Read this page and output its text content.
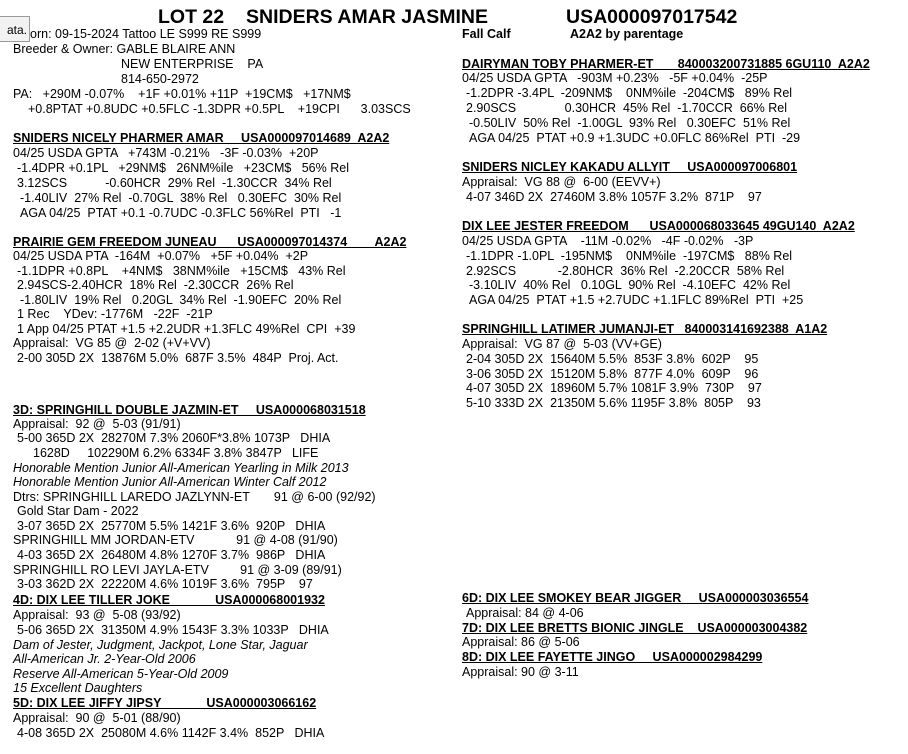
ata.
LOT 22 SNIDERS AMAR JASMINE	USA000097017542
Fall Calf	A2A2 by parentage
orn: 09-15-2024 Tattoo LE S999 RE S999
Breeder & Owner: GABLE BLAIRE ANN
NEW ENTERPRISE    PA
814-650-2972
PA:   +290M -0.07%    +1F +0.01% +11P  +19CM$   +17NM$
+0.8PTAT +0.8UDC +0.5FLC -1.3DPR +0.5PL    +19CPI      3.03SCS
SNIDERS NICELY PHARMER AMAR     USA000097014689  A2A2
04/25 USDA GPTA   +743M -0.21%   -3F -0.03%  +20P
-1.4DPR +0.1PL   +29NM$   26NM%ile   +23CM$   56% Rel
3.12SCS           -0.60HCR  29% Rel  -1.30CCR  34% Rel
-1.40LIV  27% Rel  -0.70GL  38% Rel   0.30EFC  30% Rel
AGA 04/25  PTAT +0.1 -0.7UDC -0.3FLC 56%Rel  PTI   -1
PRAIRIE GEM FREEDOM JUNEAU      USA000097014374        A2A2
04/25 USDA PTA  -164M  +0.07%   +5F +0.04%  +2P
-1.1DPR +0.8PL    +4NM$   38NM%ile   +15CM$   43% Rel
2.94SCS-2.40HCR  18% Rel  -2.30CCR  26% Rel
-1.80LIV  19% Rel   0.20GL  34% Rel  -1.90EFC  20% Rel
1 Rec    YDev: -1776M   -22F  -21P
1 App 04/25 PTAT +1.5 +2.2UDR +1.3FLC 49%Rel  CPI  +39
Appraisal:  VG 85 @  2-02 (+V+VV)
2-00 305D 2X  13876M 5.0%  687F 3.5%  484P  Proj. Act.
3D: SPRINGHILL DOUBLE JAZMIN-ET     USA000068031518
Appraisal:  92 @  5-03 (91/91)
5-00 365D 2X  28270M 7.3% 2060F*3.8% 1073P   DHIA
1628D     102290M 6.2% 6334F 3.8% 3847P   LIFE
Honorable Mention Junior All-American Yearling in Milk 2013
Honorable Mention Junior All-American Winter Calf 2012
Dtrs: SPRINGHILL LAREDO JAZLYNN-ET       91 @ 6-00 (92/92)
Gold Star Dam - 2022
3-07 365D 2X  25770M 5.5% 1421F 3.6%  920P   DHIA
SPRINGHILL MM JORDAN-ETV            91 @ 4-08 (91/90)
4-03 365D 2X  26480M 4.8% 1270F 3.7%  986P   DHIA
SPRINGHILL RO LEVI JAYLA-ETV         91 @ 3-09 (89/91)
3-03 362D 2X  22220M 4.6% 1019F 3.6%  795P    97
4D: DIX LEE TILLER JOKE             USA000068001932
Appraisal:  93 @  5-08 (93/92)
5-06 365D 2X  31350M 4.9% 1543F 3.3% 1033P   DHIA
Dam of Jester, Judgment, Jackpot, Lone Star, Jaguar
All-American Jr. 2-Year-Old 2006
Reserve All-American 5-Year-Old 2009
15 Excellent Daughters
5D: DIX LEE JIFFY JIPSY             USA000003066162
Appraisal:  90 @  5-01 (88/90)
4-08 365D 2X  25080M 4.6% 1142F 3.4%  852P   DHIA
DAIRYMAN TOBY PHARMER-ET       840003200731885 6GU110  A2A2
04/25 USDA GPTA   -903M +0.23%   -5F +0.04%  -25P
-1.2DPR -3.4PL  -209NM$    0NM%ile  -204CM$   89% Rel
2.90SCS              0.30HCR  45% Rel  -1.70CCR  66% Rel
-0.50LIV  50% Rel  -1.00GL  93% Rel   0.30EFC  51% Rel
AGA 04/25  PTAT +0.9 +1.3UDC +0.0FLC 86%Rel  PTI  -29
SNIDERS NICLEY KAKADU ALLYIT     USA000097006801
Appraisal:  VG 88 @  6-00 (EEVV+)
4-07 346D 2X  27460M 3.8% 1057F 3.2%  871P    97
DIX LEE JESTER FREEDOM      USA000068033645 49GU140  A2A2
04/25 USDA GPTA    -11M -0.02%   -4F -0.02%   -3P
-1.1DPR -1.0PL  -195NM$    0NM%ile  -197CM$   88% Rel
2.92SCS            -2.80HCR  36% Rel  -2.20CCR  58% Rel
-3.10LIV  40% Rel   0.10GL  90% Rel  -4.10EFC  42% Rel
AGA 04/25  PTAT +1.5 +2.7UDC +1.1FLC 89%Rel  PTI  +25
SPRINGHILL LATIMER JUMANJI-ET   840003141692388  A1A2
Appraisal:  VG 87 @  5-03 (VV+GE)
2-04 305D 2X  15640M 5.5%  853F 3.8%  602P    95
3-06 305D 2X  15120M 5.8%  877F 4.0%  609P    96
4-07 305D 2X  18960M 5.7% 1081F 3.9%  730P    97
5-10 333D 2X  21350M 5.6% 1195F 3.8%  805P    93
6D: DIX LEE SMOKEY BEAR JIGGER     USA000003036554
Appraisal: 84 @ 4-06
7D: DIX LEE BRETTS BIONIC JINGLE    USA000003004382
Appraisal: 86 @ 5-06
8D: DIX LEE FAYETTE JINGO     USA000002984299
Appraisal: 90 @ 3-11
